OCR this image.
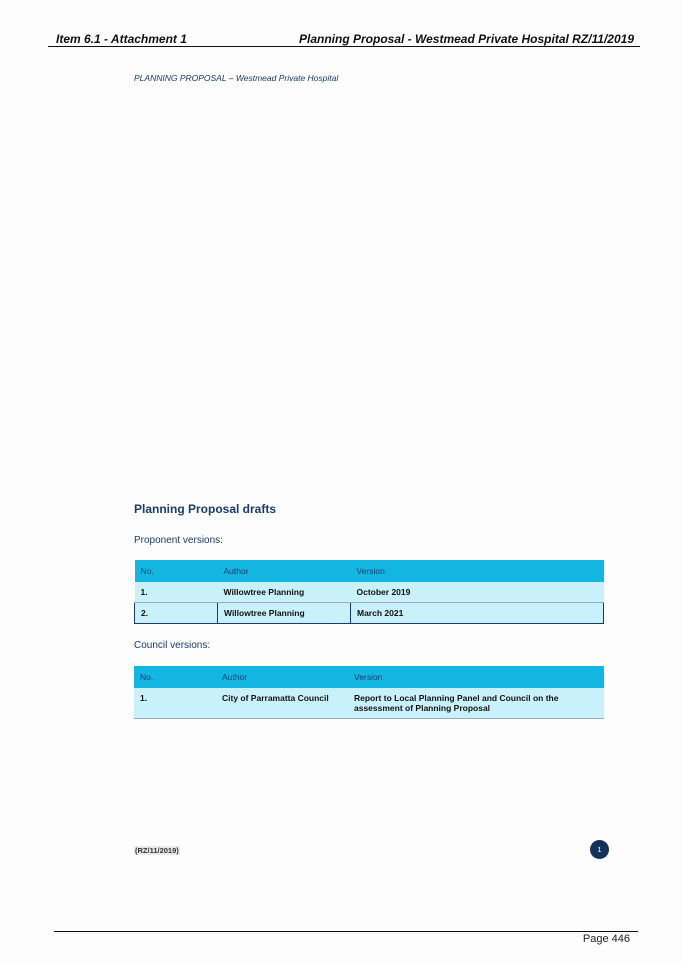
Item 6.1 - Attachment 1	Planning Proposal - Westmead Private Hospital RZ/11/2019
PLANNING PROPOSAL – Westmead Private Hospital
Planning Proposal drafts
Proponent versions:
No.	Author	Version
1.	Willowtree Planning	October 2019
2.	Willowtree Planning	March 2021
Council versions:
No.	Author	Version
1.	City of Parramatta Council	Report to Local Planning Panel and Council on the assessment of Planning Proposal
(RZ/11/2019)	1
Page 446
